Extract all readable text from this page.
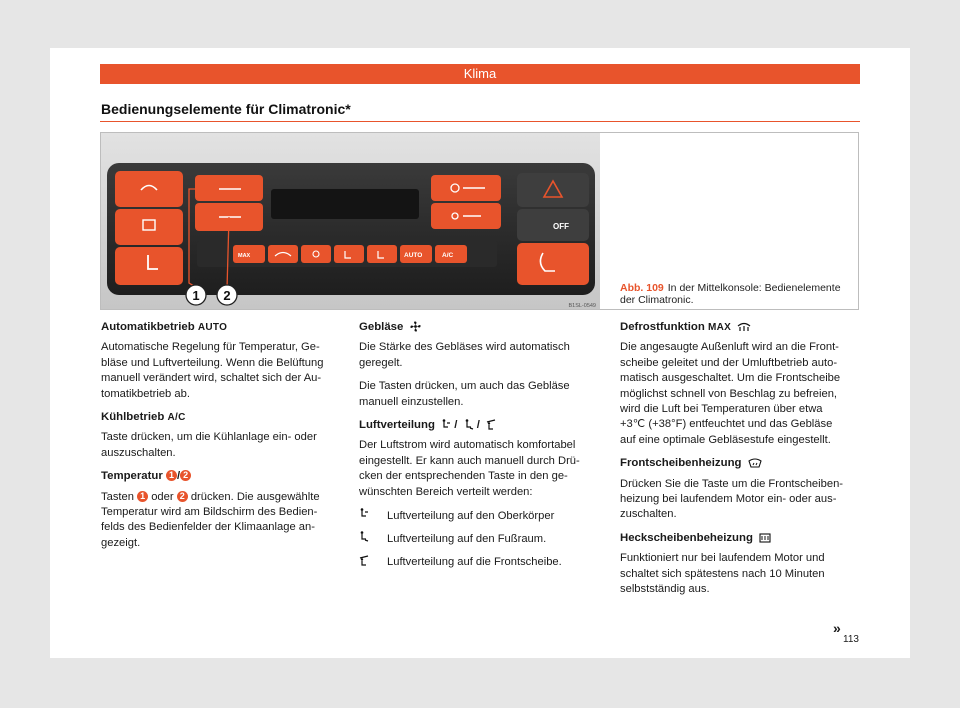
Klima
Bedienungselemente für Climatronic*
OFF
MAX	AUTO	A/C
1 2
B1SL-0549
Abb. 109 In der Mittelkonsole: Bedienelemente der Climatronic.
Automatikbetrieb AUTO

Automatische Regelung für Temperatur, Ge-bläse und Luftverteilung. Wenn die Belüftung manuell verändert wird, schaltet sich der Au-tomatikbetrieb ab.

Kühlbetrieb A/C

Taste drücken, um die Kühlanlage ein- oder auszuschalten.

Temperatur 1 / 2

Tasten 1 oder 2 drücken. Die ausgewählte Temperatur wird am Bildschirm des Bedien-felds des Bedienfelder der Klimaanlage an-gezeigt.

Gebläse

Die Stärke des Gebläses wird automatisch geregelt.

Die Tasten drücken, um auch das Gebläse manuell einzustellen.

Luftverteilung  /  /

Der Luftstrom wird automatisch komfortabel eingestellt. Er kann auch manuell durch Drü-cken der entsprechenden Taste in den ge-wünschten Bereich verteilt werden:

Luftverteilung auf den Oberkörper
Luftverteilung auf den Fußraum.
Luftverteilung auf die Frontscheibe.
Defrostfunktion MAX

Die angesaugte Außenluft wird an die Front-scheibe geleitet und der Umluftbetrieb auto-matisch ausgeschaltet. Um die Frontscheibe möglichst schnell von Beschlag zu befreien, wird die Luft bei Temperaturen über etwa +3℃ (+38°F) entfeuchtet und das Gebläse auf eine optimale Gebläsestufe eingestellt.

Frontscheibenheizung

Drücken Sie die Taste um die Frontscheiben-heizung bei laufendem Motor ein- oder aus-zuschalten.

Heckscheibenbeheizung

Funktioniert nur bei laufendem Motor und schaltet sich spätestens nach 10 Minuten selbstständig aus.

»
113
